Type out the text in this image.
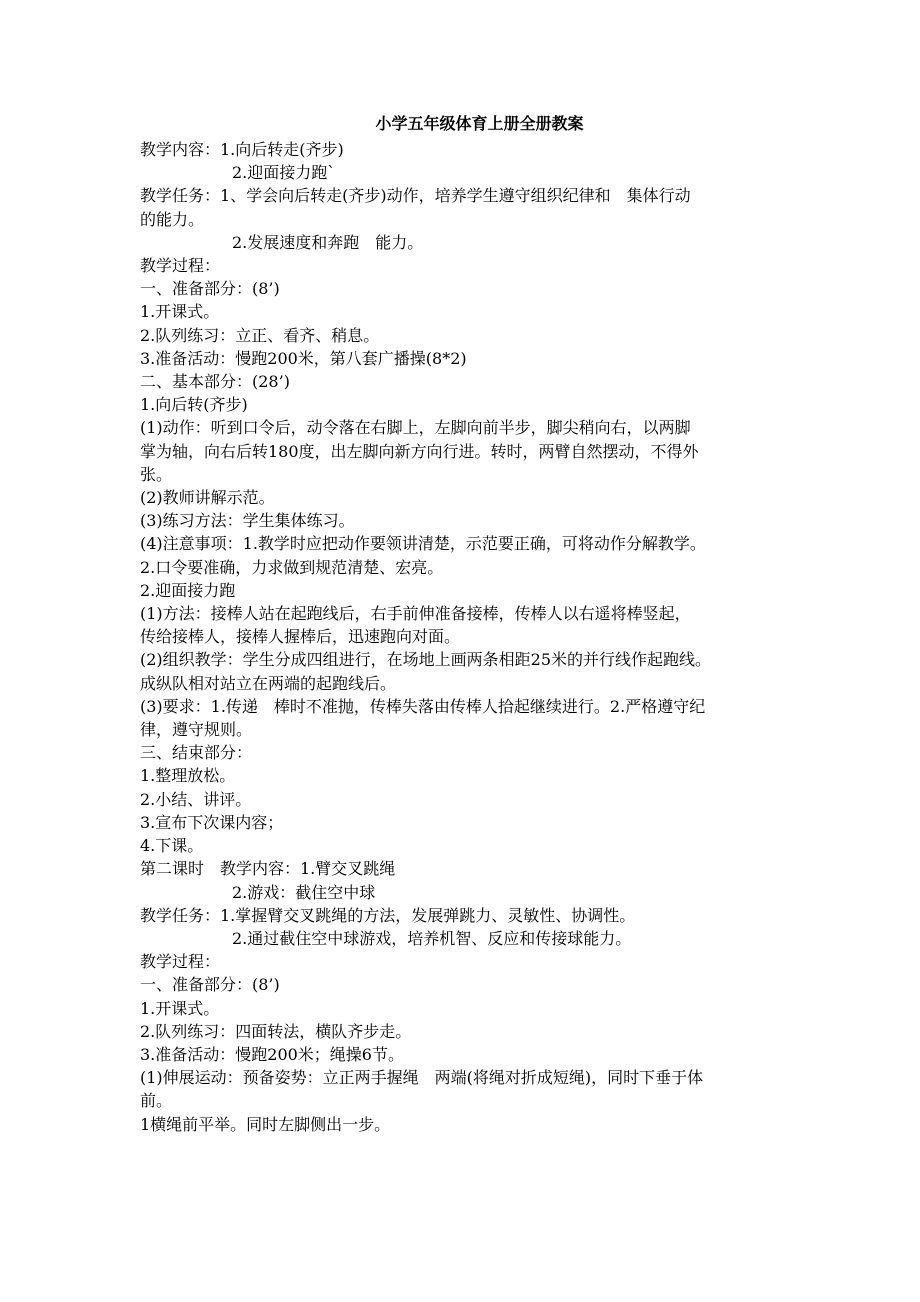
小学五年级体育上册全册教案
教学内容：1.向后转走(齐步)
2.迎面接力跑`
教学任务：1、学会向后转走(齐步)动作，培养学生遵守组织纪律和　集体行动
的能力。
2.发展速度和奔跑　能力。
教学过程：
一、准备部分：(8’)
1.开课式。
2.队列练习：立正、看齐、稍息。
3.准备活动：慢跑200米，第八套广播操(8*2)
二、基本部分：(28’)
1.向后转(齐步)
(1)动作：听到口令后，动令落在右脚上，左脚向前半步，脚尖稍向右，以两脚
掌为轴，向右后转180度，出左脚向新方向行进。转时，两臂自然摆动，不得外
张。
(2)教师讲解示范。
(3)练习方法：学生集体练习。
(4)注意事项：1.教学时应把动作要领讲清楚，示范要正确，可将动作分解教学。
2.口令要准确，力求做到规范清楚、宏亮。
2.迎面接力跑
(1)方法：接棒人站在起跑线后，右手前伸准备接棒，传棒人以右遥将棒竖起，
传给接棒人，接棒人握棒后，迅速跑向对面。
(2)组织教学：学生分成四组进行，在场地上画两条相距25米的并行线作起跑线。
成纵队相对站立在两端的起跑线后。
(3)要求：1.传递　棒时不准抛，传棒失落由传棒人拾起继续进行。2.严格遵守纪
律，遵守规则。
三、结束部分：
1.整理放松。
2.小结、讲评。
3.宣布下次课内容；
4.下课。
第二课时　教学内容：1.臂交叉跳绳
2.游戏：截住空中球
教学任务：1.掌握臂交叉跳绳的方法，发展弹跳力、灵敏性、协调性。
2.通过截住空中球游戏，培养机智、反应和传接球能力。
教学过程：
一、准备部分：(8’)
1.开课式。
2.队列练习：四面转法，横队齐步走。
3.准备活动：慢跑200米；绳操6节。
(1)伸展运动：预备姿势：立正两手握绳　两端(将绳对折成短绳)，同时下垂于体
前。
1横绳前平举。同时左脚侧出一步。
